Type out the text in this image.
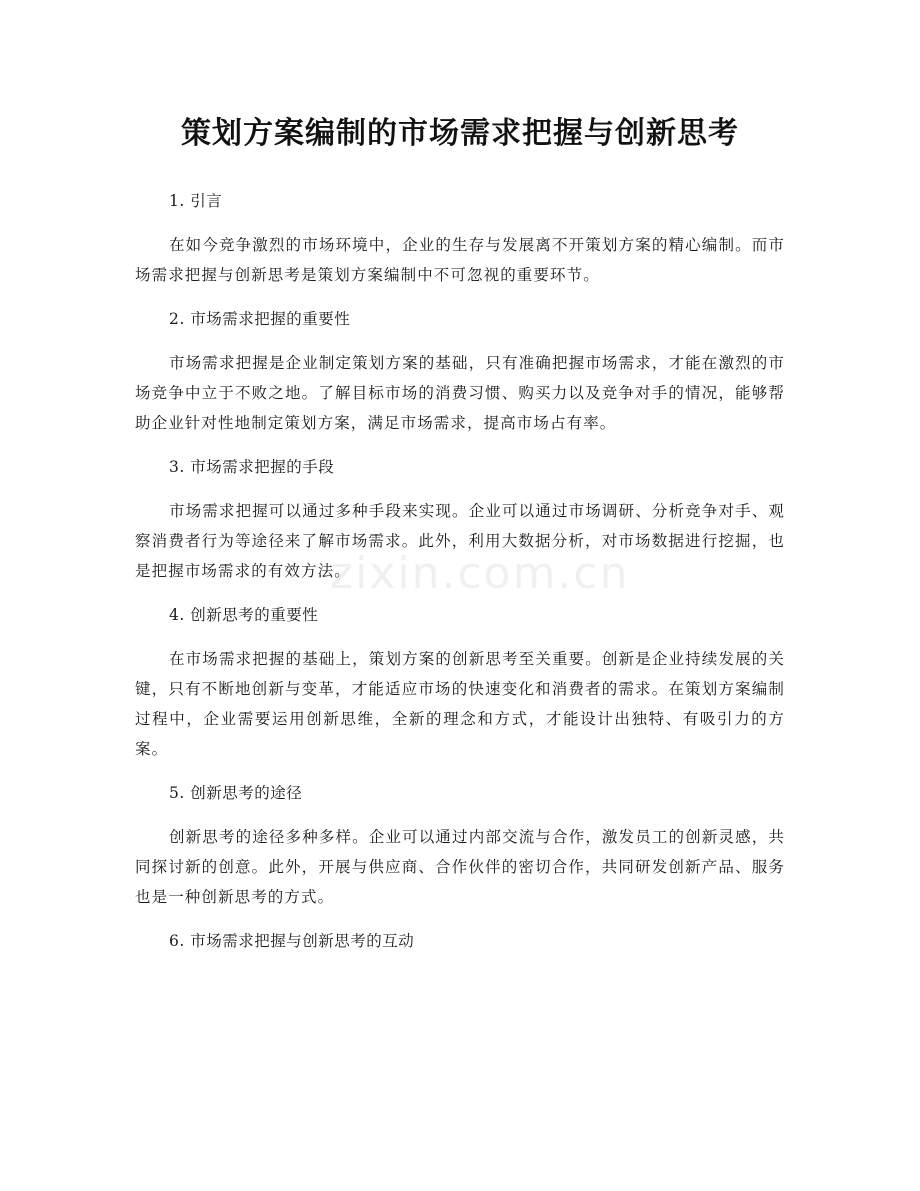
策划方案编制的市场需求把握与创新思考
zixin.com.cn
1. 引言
在如今竞争激烈的市场环境中，企业的生存与发展离不开策划方案的精心编制。而市场需求把握与创新思考是策划方案编制中不可忽视的重要环节。
2. 市场需求把握的重要性
市场需求把握是企业制定策划方案的基础，只有准确把握市场需求，才能在激烈的市场竞争中立于不败之地。了解目标市场的消费习惯、购买力以及竞争对手的情况，能够帮助企业针对性地制定策划方案，满足市场需求，提高市场占有率。
3. 市场需求把握的手段
市场需求把握可以通过多种手段来实现。企业可以通过市场调研、分析竞争对手、观察消费者行为等途径来了解市场需求。此外，利用大数据分析，对市场数据进行挖掘，也是把握市场需求的有效方法。
4. 创新思考的重要性
在市场需求把握的基础上，策划方案的创新思考至关重要。创新是企业持续发展的关键，只有不断地创新与变革，才能适应市场的快速变化和消费者的需求。在策划方案编制过程中，企业需要运用创新思维，全新的理念和方式，才能设计出独特、有吸引力的方案。
5. 创新思考的途径
创新思考的途径多种多样。企业可以通过内部交流与合作，激发员工的创新灵感，共同探讨新的创意。此外，开展与供应商、合作伙伴的密切合作，共同研发创新产品、服务也是一种创新思考的方式。
6. 市场需求把握与创新思考的互动
